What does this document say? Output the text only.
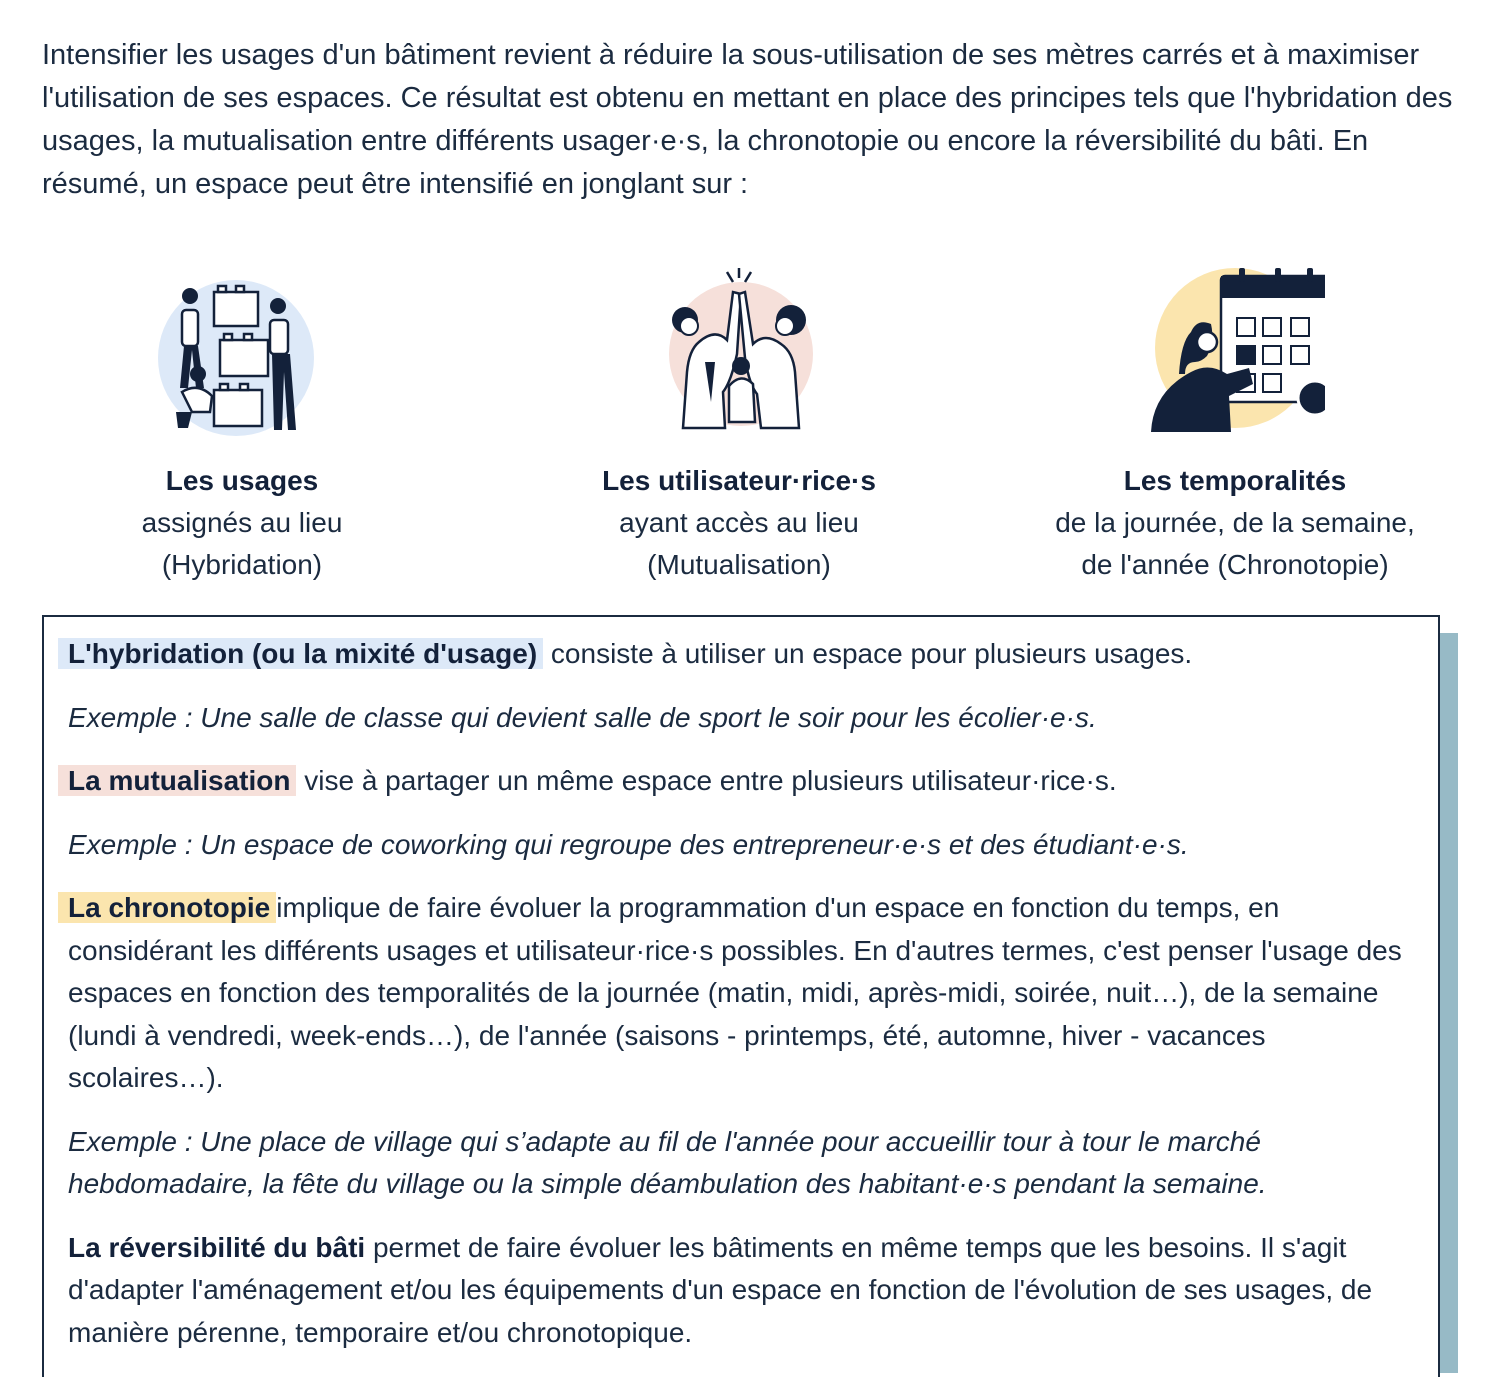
Intensifier les usages d'un bâtiment revient à réduire la sous-utilisation de ses mètres carrés et à maximiser l'utilisation de ses espaces. Ce résultat est obtenu en mettant en place des principes tels que l'hybridation des usages, la mutualisation entre différents usager·e·s, la chronotopie ou encore la réversibilité du bâti. En résumé, un espace peut être intensifié en jonglant sur :

Les usages
assignés au lieu
(Hybridation)
Les utilisateur·rice·s
ayant accès au lieu
(Mutualisation)
Les temporalités
de la journée, de la semaine,
de l'année (Chronotopie)

L'hybridation (ou la mixité d'usage) consiste à utiliser un espace pour plusieurs usages.

Exemple : Une salle de classe qui devient salle de sport le soir pour les écolier·e·s.

La mutualisation vise à partager un même espace entre plusieurs utilisateur·rice·s.

Exemple : Un espace de coworking qui regroupe des entrepreneur·e·s et des étudiant·e·s.

La chronotopie implique de faire évoluer la programmation d'un espace en fonction du temps, en considérant les différents usages et utilisateur·rice·s possibles. En d'autres termes, c'est penser l'usage des espaces en fonction des temporalités de la journée (matin, midi, après-midi, soirée, nuit…), de la semaine (lundi à vendredi, week-ends…), de l'année (saisons - printemps, été, automne, hiver - vacances scolaires…).

Exemple : Une place de village qui s’adapte au fil de l'année pour accueillir tour à tour le marché hebdomadaire, la fête du village ou la simple déambulation des habitant·e·s pendant la semaine.

La réversibilité du bâti permet de faire évoluer les bâtiments en même temps que les besoins. Il s'agit d'adapter l'aménagement et/ou les équipements d'un espace en fonction de l'évolution de ses usages, de manière pérenne, temporaire et/ou chronotopique.
